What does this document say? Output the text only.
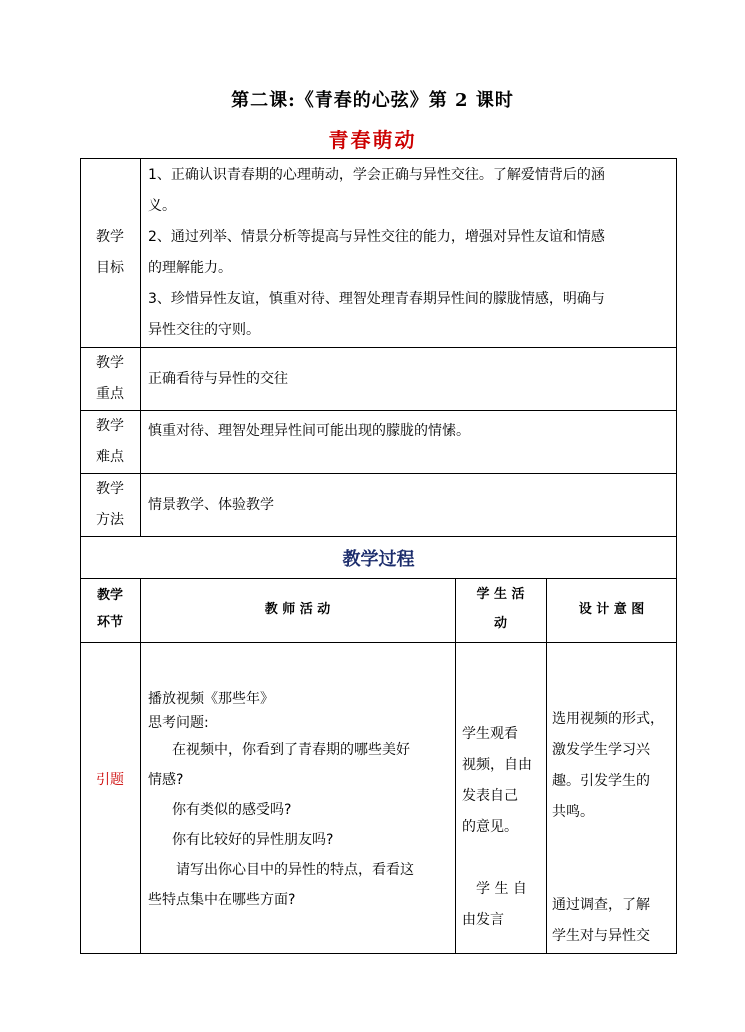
第二课:《青春的心弦》第 2 课时
青春萌动

教学

目标

1、正确认识青春期的心理萌动，学会正确与异性交往。了解爱情背后的涵

义。

2、通过列举、情景分析等提高与异性交往的能力，增强对异性友谊和情感

的理解能力。

3、珍惜异性友谊，慎重对待、理智处理青春期异性间的朦胧情感，明确与

异性交往的守则。

教学

重点

正确看待与异性的交往

教学

难点

慎重对待、理智处理异性间可能出现的朦胧的情愫。

教学

方法

情景教学、体验教学
教学过程

教学

环节

教 师 活 动

学 生 活

动

设 计 意 图
引题

播放视频《那些年》

思考问题:

在视频中，你看到了青春期的哪些美好

情感?

你有类似的感受吗?

你有比较好的异性朋友吗?

请写出你心目中的异性的特点，看看这

些特点集中在哪些方面?

学生观看

视频，自由

发表自己

的意见。

学 生 自

由发言

选用视频的形式，

激发学生学习兴

趣。引发学生的

共鸣。

通过调查，了解

学生对与异性交
